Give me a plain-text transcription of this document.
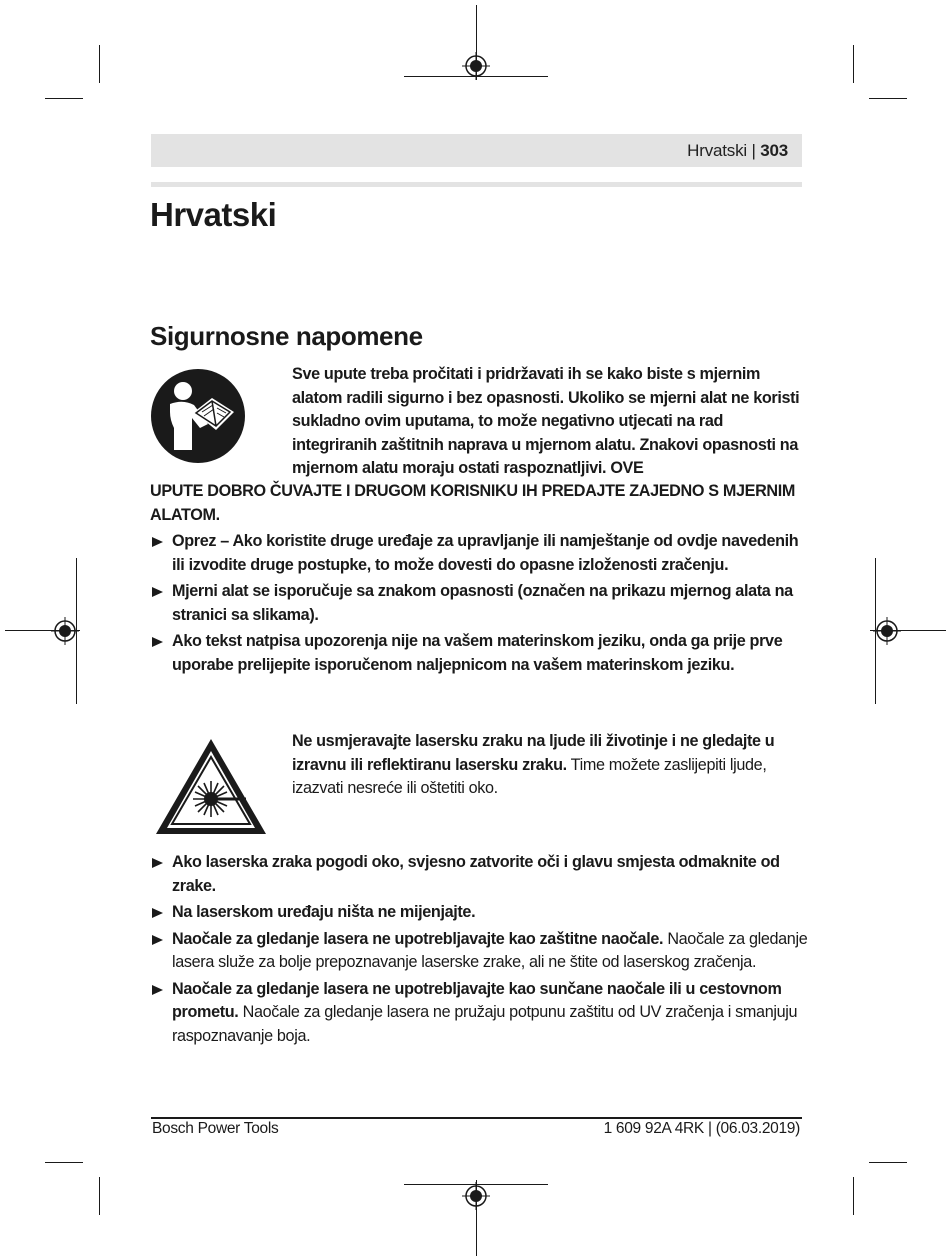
Hrvatski | 303
Hrvatski
Sigurnosne napomene
Sve upute treba pročitati i pridržavati ih se kako biste s mjernim alatom radili sigurno i bez opasnosti. Ukoliko se mjerni alat ne koristi sukladno ovim uputama, to može negativno utjecati na rad integriranih zaštitnih naprava u mjernom alatu. Znakovi opasnosti na mjernom alatu moraju ostati raspoznatljivi. OVE
UPUTE DOBRO ČUVAJTE I DRUGOM KORISNIKU IH PREDAJTE ZAJEDNO S MJERNIM ALATOM.
Oprez – Ako koristite druge uređaje za upravljanje ili namještanje od ovdje navedenih ili izvodite druge postupke, to može dovesti do opasne izloženosti zračenju.
Mjerni alat se isporučuje sa znakom opasnosti (označen na prikazu mjernog alata na stranici sa slikama).
Ako tekst natpisa upozorenja nije na vašem materinskom jeziku, onda ga prije prve uporabe prelijepite isporučenom naljepnicom na vašem materinskom jeziku.
Ne usmjeravajte lasersku zraku na ljude ili životinje i ne gledajte u izravnu ili reflektiranu lasersku zraku. Time možete zaslijepiti ljude, izazvati nesreće ili oštetiti oko.
Ako laserska zraka pogodi oko, svjesno zatvorite oči i glavu smjesta odmaknite od zrake.
Na laserskom uređaju ništa ne mijenjajte.
Naočale za gledanje lasera ne upotrebljavajte kao zaštitne naočale. Naočale za gledanje lasera služe za bolje prepoznavanje laserske zrake, ali ne štite od laserskog zračenja.
Naočale za gledanje lasera ne upotrebljavajte kao sunčane naočale ili u cestovnom prometu. Naočale za gledanje lasera ne pružaju potpunu zaštitu od UV zračenja i smanjuju raspoznavanje boja.
Bosch Power Tools	1 609 92A 4RK | (06.03.2019)
